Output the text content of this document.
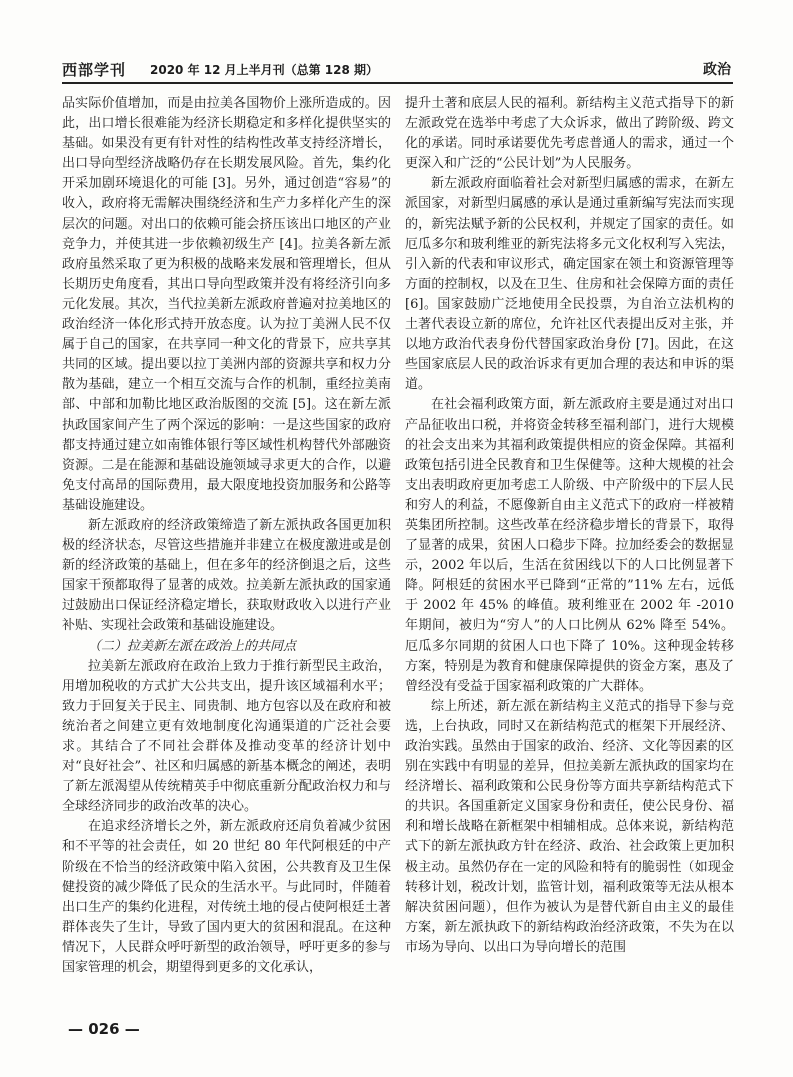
西部学刊 2020 年 12 月上半月刊（总第 128 期）	政治

品实际价值增加，而是由拉美各国物价上涨所造成的。因此，出口增长很难能为经济长期稳定和多样化提供坚实的基础。如果没有更有针对性的结构性改革支持经济增长，出口导向型经济战略仍存在长期发展风险。首先，集约化开采加剧环境退化的可能 [3]。另外，通过创造“容易”的收入，政府将无需解决围绕经济和生产力多样化产生的深层次的问题。对出口的依赖可能会挤压该出口地区的产业竞争力，并使其进一步依赖初级生产 [4]。拉美各新左派政府虽然采取了更为积极的战略来发展和管理增长，但从长期历史角度看，其出口导向型政策并没有将经济引向多元化发展。其次，当代拉美新左派政府普遍对拉美地区的政治经济一体化形式持开放态度。认为拉丁美洲人民不仅属于自己的国家，在共享同一种文化的背景下，应共享其共同的区域。提出要以拉丁美洲内部的资源共享和权力分散为基础，建立一个相互交流与合作的机制，重经拉美南部、中部和加勒比地区政治版图的交流 [5]。这在新左派执政国家间产生了两个深远的影响：一是这些国家的政府都支持通过建立如南锥体银行等区域性机构替代外部融资资源。二是在能源和基础设施领域寻求更大的合作，以避免支付高昂的国际费用，最大限度地投资加服务和公路等基础设施建设。

新左派政府的经济政策缔造了新左派执政各国更加积极的经济状态，尽管这些措施并非建立在极度激进或是创新的经济政策的基础上，但在多年的经济倒退之后，这些国家干预都取得了显著的成效。拉美新左派执政的国家通过鼓励出口保证经济稳定增长，获取财政收入以进行产业补贴、实现社会政策和基础设施建设。

（二）拉美新左派在政治上的共同点

拉美新左派政府在政治上致力于推行新型民主政治，用增加税收的方式扩大公共支出，提升该区域福利水平；致力于回复关于民主、同贵制、地方包容以及在政府和被统治者之间建立更有效地制度化沟通渠道的广泛社会要求。其结合了不同社会群体及推动变革的经济计划中对“良好社会”、社区和归属感的新基本概念的阐述，表明了新左派渴望从传统精英手中彻底重新分配政治权力和与全球经济同步的政治改革的决心。

在追求经济增长之外，新左派政府还肩负着减少贫困和不平等的社会责任，如 20 世纪 80 年代阿根廷的中产阶级在不恰当的经济政策中陷入贫困，公共教育及卫生保健投资的减少降低了民众的生活水平。与此同时，伴随着出口生产的集约化进程，对传统土地的侵占使阿根廷土著群体丧失了生计，导致了国内更大的贫困和混乱。在这种情况下，人民群众呼吁新型的政治领导，呼吁更多的参与国家管理的机会，期望得到更多的文化承认，

提升土著和底层人民的福利。新结构主义范式指导下的新左派政党在选举中考虑了大众诉求，做出了跨阶级、跨文化的承诺。同时承诺要优先考虑普通人的需求，通过一个更深入和广泛的“公民计划”为人民服务。

新左派政府面临着社会对新型归属感的需求，在新左派国家，对新型归属感的承认是通过重新编写宪法而实现的，新宪法赋予新的公民权利，并规定了国家的责任。如厄瓜多尔和玻利维亚的新宪法将多元文化权利写入宪法，引入新的代表和审议形式，确定国家在领土和资源管理等方面的控制权，以及在卫生、住房和社会保障方面的责任 [6]。国家鼓励广泛地使用全民投票，为自治立法机构的土著代表设立新的席位，允许社区代表提出反对主张，并以地方政治代表身份代替国家政治身份 [7]。因此，在这些国家底层人民的政治诉求有更加合理的表达和申诉的渠道。

在社会福利政策方面，新左派政府主要是通过对出口产品征收出口税，并将资金转移至福利部门，进行大规模的社会支出来为其福利政策提供相应的资金保障。其福利政策包括引进全民教育和卫生保健等。这种大规模的社会支出表明政府更加考虑工人阶级、中产阶级中的下层人民和穷人的利益，不愿像新自由主义范式下的政府一样被精英集团所控制。这些改革在经济稳步增长的背景下，取得了显著的成果，贫困人口稳步下降。拉加经委会的数据显示，2002 年以后，生活在贫困线以下的人口比例显著下降。阿根廷的贫困水平已降到“正常的”11% 左右，远低于 2002 年 45% 的峰值。玻利维亚在 2002 年 -2010 年期间，被归为“穷人”的人口比例从 62% 降至 54%。厄瓜多尔同期的贫困人口也下降了 10%。这种现金转移方案，特别是为教育和健康保障提供的资金方案，惠及了曾经没有受益于国家福利政策的广大群体。

综上所述，新左派在新结构主义范式的指导下参与竞选，上台执政，同时又在新结构范式的框架下开展经济、政治实践。虽然由于国家的政治、经济、文化等因素的区别在实践中有明显的差异，但拉美新左派执政的国家均在经济增长、福利政策和公民身份等方面共享新结构范式下的共识。各国重新定义国家身份和责任，使公民身份、福利和增长战略在新框架中相辅相成。总体来说，新结构范式下的新左派执政方针在经济、政治、社会政策上更加积极主动。虽然仍存在一定的风险和特有的脆弱性（如现金转移计划，税改计划，监管计划，福利政策等无法从根本解决贫困问题），但作为被认为是替代新自由主义的最佳方案，新左派执政下的新结构政治经济政策，不失为在以市场为导向、以出口为导向增长的范围

— 026 —
